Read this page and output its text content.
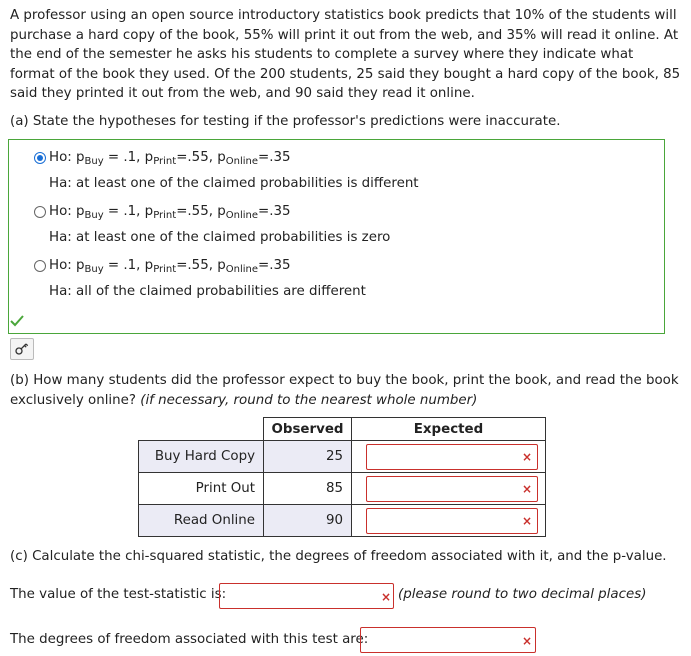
A professor using an open source introductory statistics book predicts that 10% of the students will purchase a hard copy of the book, 55% will print it out from the web, and 35% will read it online. At the end of the semester he asks his students to complete a survey where they indicate what format of the book they used. Of the 200 students, 25 said they bought a hard copy of the book, 85 said they printed it out from the web, and 90 said they read it online.
(a) State the hypotheses for testing if the professor's predictions were inaccurate.
Ho: $p_{Buy} = .1$, $p_{Print}=.55$, $p_{Online}=.35$
Ha: at least one of the claimed probabilities is different
Ho: $p_{Buy} = .1$, $p_{Print}=.55$, $p_{Online}=.35$
Ha: at least one of the claimed probabilities is zero
Ho: $p_{Buy} = .1$, $p_{Print}=.55$, $p_{Online}=.35$
Ha: all of the claimed probabilities are different
(b) How many students did the professor expect to buy the book, print the book, and read the book exclusively online? (if necessary, round to the nearest whole number)
	Observed	Expected
Buy Hard Copy	25	×

Print Out	85	×

Read Online	90	×
(c) Calculate the chi-squared statistic, the degrees of freedom associated with it, and the p-value.
The value of the test-statistic is:	× (please round to two decimal places)
The degrees of freedom associated with this test are:	×
